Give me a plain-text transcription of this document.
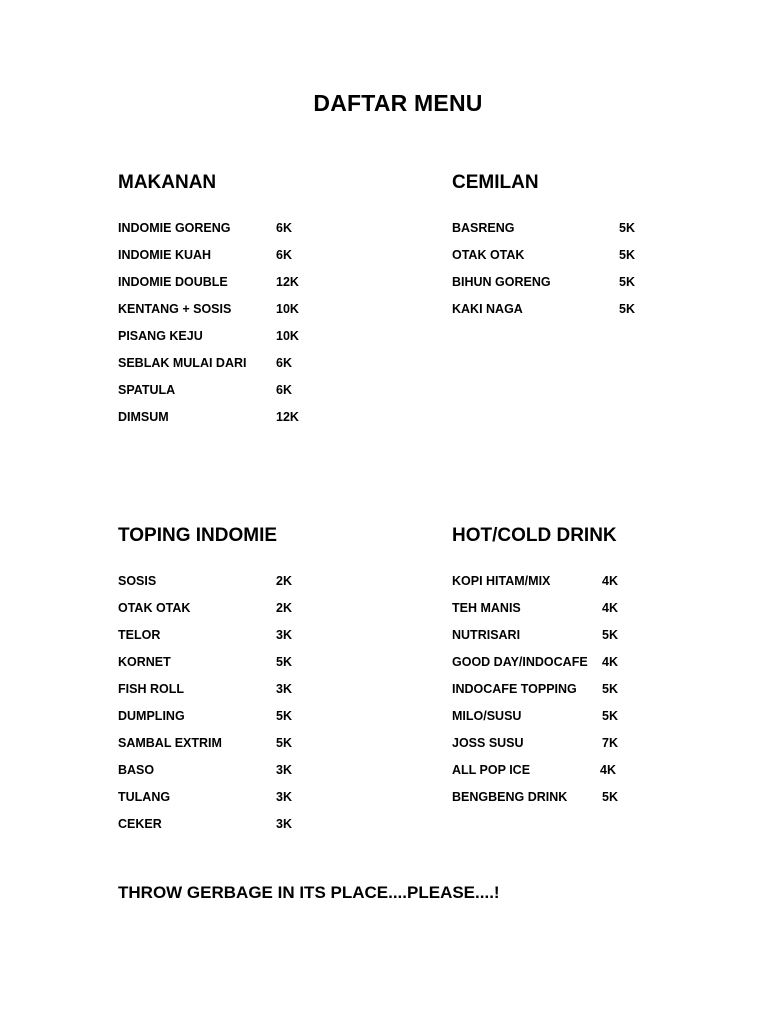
DAFTAR MENU
MAKANAN
INDOMIE GORENG	6K
INDOMIE KUAH	6K
INDOMIE DOUBLE	12K
KENTANG + SOSIS	10K
PISANG KEJU	10K
SEBLAK MULAI DARI 6K
SPATULA	6K
DIMSUM	12K
CEMILAN
BASRENG	5K
OTAK OTAK	5K
BIHUN GORENG	5K
KAKI NAGA	5K
TOPING INDOMIE
SOSIS	2K
OTAK OTAK	2K
TELOR	3K
KORNET	5K
FISH ROLL	3K
DUMPLING	5K
SAMBAL EXTRIM	5K
BASO	3K
TULANG	3K
CEKER	3K
HOT/COLD DRINK
KOPI HITAM/MIX	4K
TEH MANIS	4K
NUTRISARI	5K
GOOD DAY/INDOCAFE 4K
INDOCAFE TOPPING 5K
MILO/SUSU	5K
JOSS SUSU	7K
ALL POP ICE	4K
BENGBENG DRINK	5K

THROW GERBAGE IN ITS PLACE....PLEASE....!
